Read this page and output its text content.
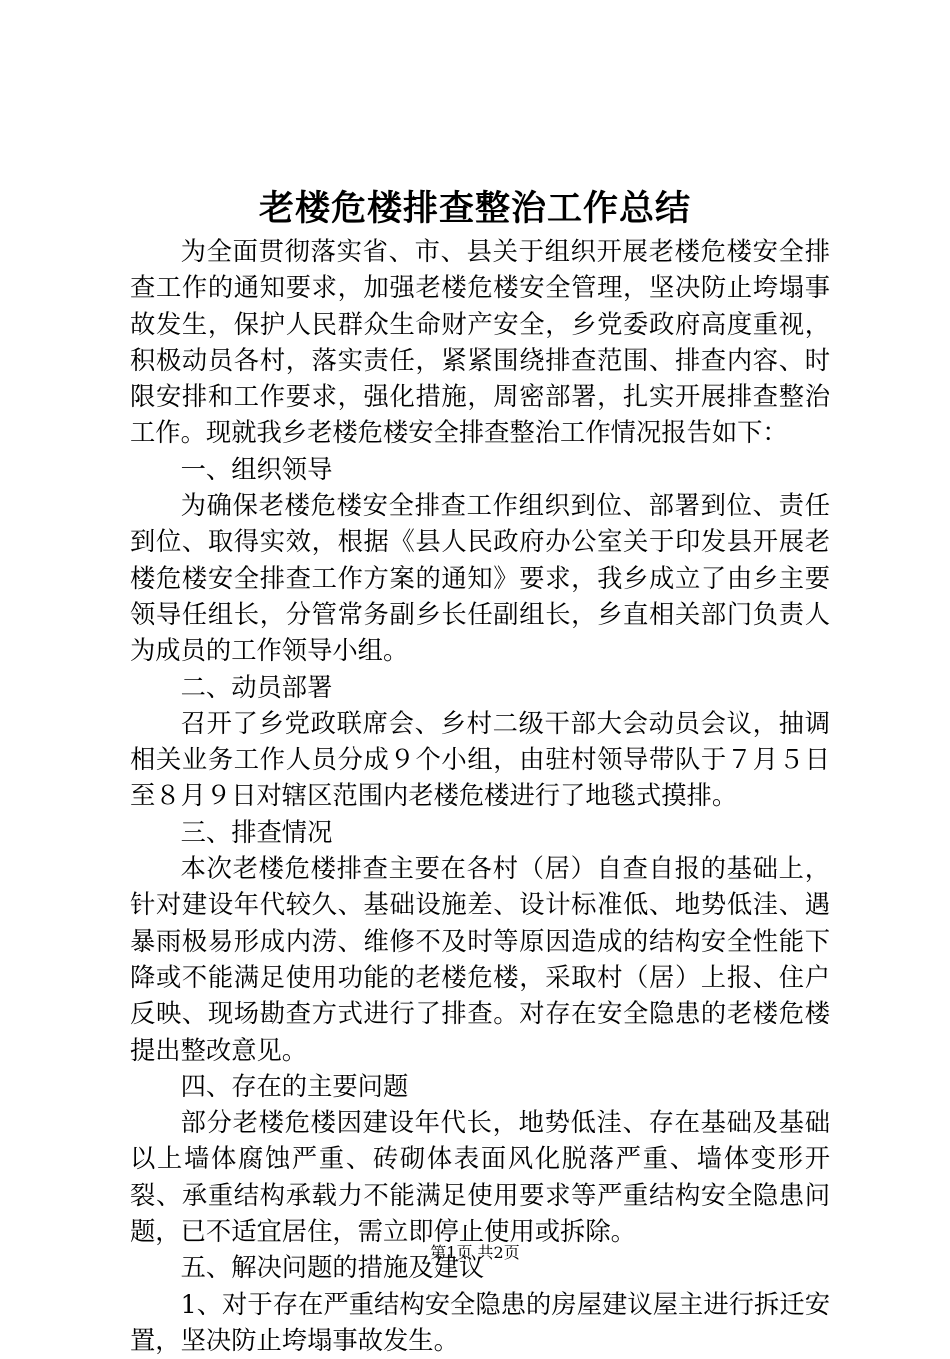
老楼危楼排查整治工作总结

为全面贯彻落实省、市、县关于组织开展老楼危楼安全排查工作的通知要求，加强老楼危楼安全管理，坚决防止垮塌事故发生，保护人民群众生命财产安全，乡党委政府高度重视，积极动员各村，落实责任，紧紧围绕排查范围、排查内容、时限安排和工作要求，强化措施，周密部署，扎实开展排查整治工作。现就我乡老楼危楼安全排查整治工作情况报告如下：

一、组织领导

为确保老楼危楼安全排查工作组织到位、部署到位、责任到位、取得实效，根据《县人民政府办公室关于印发县开展老楼危楼安全排查工作方案的通知》要求，我乡成立了由乡主要领导任组长，分管常务副乡长任副组长，乡直相关部门负责人为成员的工作领导小组。

二、动员部署

召开了乡党政联席会、乡村二级干部大会动员会议，抽调相关业务工作人员分成９个小组，由驻村领导带队于７月５日至８月９日对辖区范围内老楼危楼进行了地毯式摸排。

三、排查情况

本次老楼危楼排查主要在各村（居）自查自报的基础上，针对建设年代较久、基础设施差、设计标准低、地势低洼、遇暴雨极易形成内涝、维修不及时等原因造成的结构安全性能下降或不能满足使用功能的老楼危楼，采取村（居）上报、住户反映、现场勘查方式进行了排查。对存在安全隐患的老楼危楼提出整改意见。

四、存在的主要问题

部分老楼危楼因建设年代长，地势低洼、存在基础及基础以上墙体腐蚀严重、砖砌体表面风化脱落严重、墙体变形开裂、承重结构承载力不能满足使用要求等严重结构安全隐患问题，已不适宜居住，需立即停止使用或拆除。

五、解决问题的措施及建议

1、对于存在严重结构安全隐患的房屋建议屋主进行拆迁安置，坚决防止垮塌事故发生。

第1页 共2页
